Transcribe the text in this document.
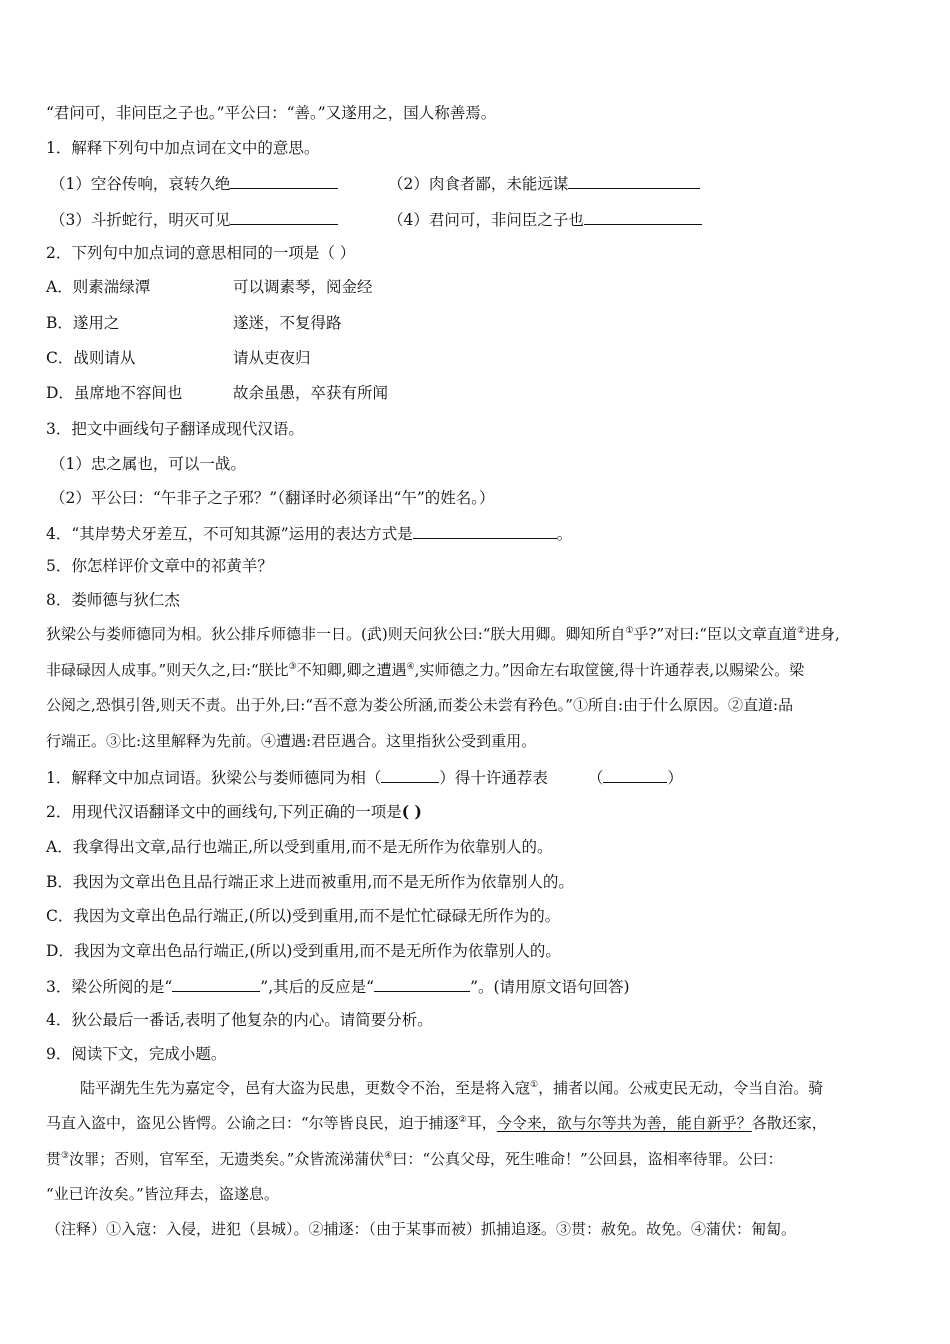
“君问可，非问臣之子也。”平公曰：“善。”又遂用之，国人称善焉。
1．解释下列句中加点词在文中的意思。
（1）空谷传响，哀转久绝	（2）肉食者鄙，未能远谋
（3）斗折蛇行，明灭可见	（4）君问可，非问臣之子也
2．下列句中加点词的意思相同的一项是（ ）
A．则素湍绿潭	可以调素琴，阅金经
B．遂用之	遂迷，不复得路
C．战则请从	请从吏夜归
D．虽席地不容间也	故余虽愚，卒获有所闻
3．把文中画线句子翻译成现代汉语。
（1）忠之属也，可以一战。
（2）平公曰：“午非子之子邪？”（翻译时必须译出“午”的姓名。）
4．“其岸势犬牙差互，不可知其源”运用的表达方式是	。
5．你怎样评价文章中的祁黄羊？
8．娄师德与狄仁杰
狄梁公与娄师德同为相。狄公排斥师德非一日。(武)则天问狄公曰:“朕大用卿。卿知所自①乎?”对曰:“臣以文章直道②进身,
非碌碌因人成事。”则天久之,曰:“朕比③不知卿,卿之遭遇④,实师德之力。”因命左右取筐箧,得十许通荐表,以赐梁公。梁
公阅之,恐惧引咎,则天不责。出于外,曰:“吾不意为娄公所涵,而娄公未尝有矜色。”①所自:由于什么原因。②直道:品
行端正。③比:这里解释为先前。④遭遇:君臣遇合。这里指狄公受到重用。
1．解释文中加点词语。狄梁公与娄师德同为相（	）得十许通荐表	（	）
2．用现代汉语翻译文中的画线句,下列正确的一项是( )
A．我拿得出文章,品行也端正,所以受到重用,而不是无所作为依靠别人的。
B．我因为文章出色且品行端正求上进而被重用,而不是无所作为依靠别人的。
C．我因为文章出色品行端正,(所以)受到重用,而不是忙忙碌碌无所作为的。
D．我因为文章出色品行端正,(所以)受到重用,而不是无所作为依靠别人的。
3．梁公所阅的是“	”,其后的反应是“	”。(请用原文语句回答)
4．狄公最后一番话,表明了他复杂的内心。请简要分析。
9．阅读下文，完成小题。
陆平湖先生先为嘉定令，邑有大盗为民患，更数令不治，至是将入寇①，捕者以闻。公戒吏民无动，令当自治。骑
马直入盗中，盗见公皆愕。公谕之曰：“尔等皆良民，迫于捕逐②耳，今令来，欲与尔等共为善，能自新乎？各散还家，
贯③汝罪；否则，官军至，无遗类矣。”众皆流涕蒲伏④曰：“公真父母，死生唯命！”公回县，盗相率待罪。公曰：
“业已许汝矣。”皆泣拜去，盗遂息。
（注释）①入寇：入侵，进犯（县城）。②捕逐：（由于某事而被）抓捕追逐。③贯：赦免。故免。④蒲伏：匍匐。
